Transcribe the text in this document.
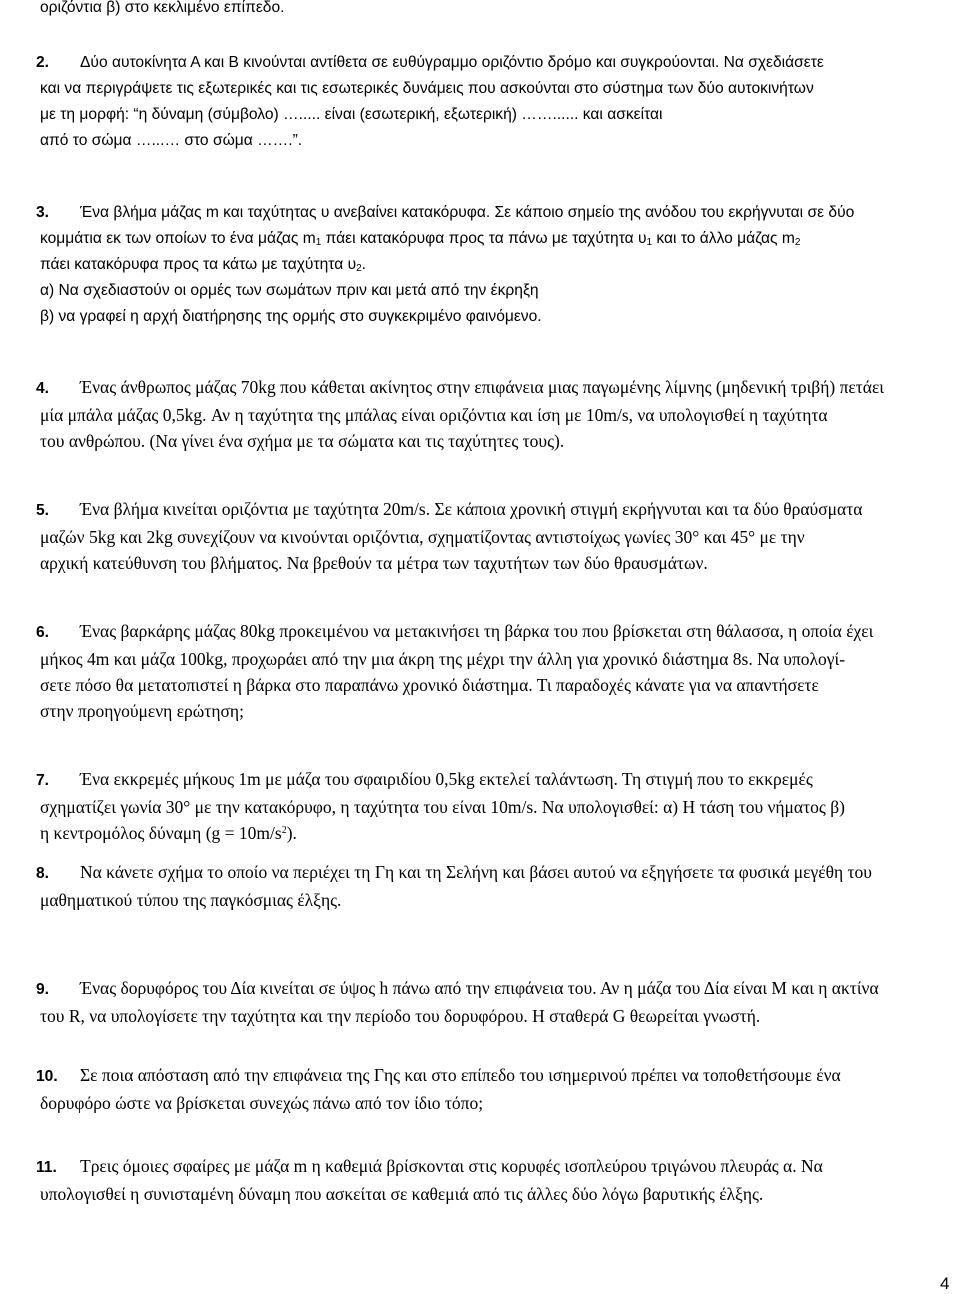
οριζόντια β) στο κεκλιμένο επίπεδο.
2. Δύο αυτοκίνητα Α και Β κινούνται αντίθετα σε ευθύγραμμο οριζόντιο δρόμο και συγκρούονται. Να σχεδιάσετε
και να περιγράψετε τις εξωτερικές και τις εσωτερικές δυνάμεις που ασκούνται στο σύστημα των δύο αυτοκινήτων
με τη μορφή: “η δύναμη (σύμβολο) …..... είναι (εσωτερική, εξωτερική) ……...... και ασκείται
από το σώμα …...… στο σώμα …….”.
3. Ένα βλήμα μάζας m και ταχύτητας υ ανεβαίνει κατακόρυφα. Σε κάποιο σημείο της ανόδου του εκρήγνυται σε δύο
κομμάτια εκ των οποίων το ένα μάζας $m_1$ πάει κατακόρυφα προς τα πάνω με ταχύτητα $\upsilon_1$ και το άλλο μάζας $m_2$
πάει κατακόρυφα προς τα κάτω με ταχύτητα $\upsilon_2$.
α) Να σχεδιαστούν οι ορμές των σωμάτων πριν και μετά από την έκρηξη
β) να γραφεί η αρχή διατήρησης της ορμής στο συγκεκριμένο φαινόμενο.
4. Ένας άνθρωπος μάζας 70kg που κάθεται ακίνητος στην επιφάνεια μιας παγωμένης λίμνης (μηδενική τριβή) πετάει
μία μπάλα μάζας 0,5kg. Αν η ταχύτητα της μπάλας είναι οριζόντια και ίση με 10m/s, να υπολογισθεί η ταχύτητα
του ανθρώπου. (Να γίνει ένα σχήμα με τα σώματα και τις ταχύτητες τους).
5. Ένα βλήμα κινείται οριζόντια με ταχύτητα 20m/s. Σε κάποια χρονική στιγμή εκρήγνυται και τα δύο θραύσματα
μαζών 5kg και 2kg συνεχίζουν να κινούνται οριζόντια, σχηματίζοντας αντιστοίχως γωνίες 30° και 45° με την
αρχική κατεύθυνση του βλήματος. Να βρεθούν τα μέτρα των ταχυτήτων των δύο θραυσμάτων.
6. Ένας βαρκάρης μάζας 80kg προκειμένου να μετακινήσει τη βάρκα του που βρίσκεται στη θάλασσα, η οποία έχει
μήκος 4m και μάζα 100kg, προχωράει από την μια άκρη της μέχρι την άλλη για χρονικό διάστημα 8s. Να υπολογί-
σετε πόσο θα μετατοπιστεί η βάρκα στο παραπάνω χρονικό διάστημα. Τι παραδοχές κάνατε για να απαντήσετε
στην προηγούμενη ερώτηση;
7. Ένα εκκρεμές μήκους 1m με μάζα του σφαιριδίου 0,5kg εκτελεί ταλάντωση. Τη στιγμή που το εκκρεμές
σχηματίζει γωνία 30° με την κατακόρυφο, η ταχύτητα του είναι 10m/s. Να υπολογισθεί: α) Η τάση του νήματος β)
η κεντρομόλος δύναμη $(g = 10m/s^2)$.
8. Να κάνετε σχήμα το οποίο να περιέχει τη Γη και τη Σελήνη και βάσει αυτού να εξηγήσετε τα φυσικά μεγέθη του
μαθηματικού τύπου της παγκόσμιας έλξης.
9. Ένας δορυφόρος του Δία κινείται σε ύψος h πάνω από την επιφάνεια του. Αν η μάζα του Δία είναι Μ και η ακτίνα
του R, να υπολογίσετε την ταχύτητα και την περίοδο του δορυφόρου. Η σταθερά G θεωρείται γνωστή.
10. Σε ποια απόσταση από την επιφάνεια της Γης και στο επίπεδο του ισημερινού πρέπει να τοποθετήσουμε ένα
δορυφόρο ώστε να βρίσκεται συνεχώς πάνω από τον ίδιο τόπο;
11. Τρεις όμοιες σφαίρες με μάζα m η καθεμιά βρίσκονται στις κορυφές ισοπλεύρου τριγώνου πλευράς α. Να
υπολογισθεί η συνισταμένη δύναμη που ασκείται σε καθεμιά από τις άλλες δύο λόγω βαρυτικής έλξης.
4
